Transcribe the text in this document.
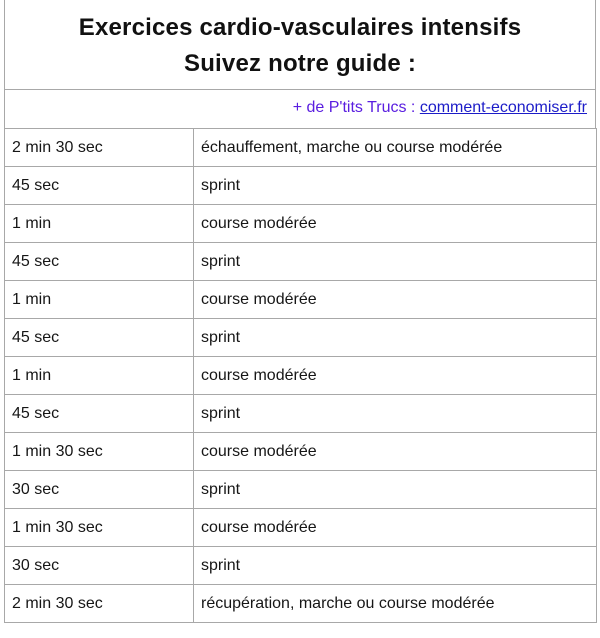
Exercices cardio-vasculaires intensifs
Suivez notre guide :
+ de P'tits Trucs : comment-economiser.fr
2 min 30 sec	échauffement, marche ou course modérée
45 sec	sprint
1 min	course modérée
45 sec	sprint
1 min	course modérée
45 sec	sprint
1 min	course modérée
45 sec	sprint
1 min 30 sec	course modérée
30 sec	sprint
1 min 30 sec	course modérée
30 sec	sprint
2 min 30 sec	récupération, marche ou course modérée
